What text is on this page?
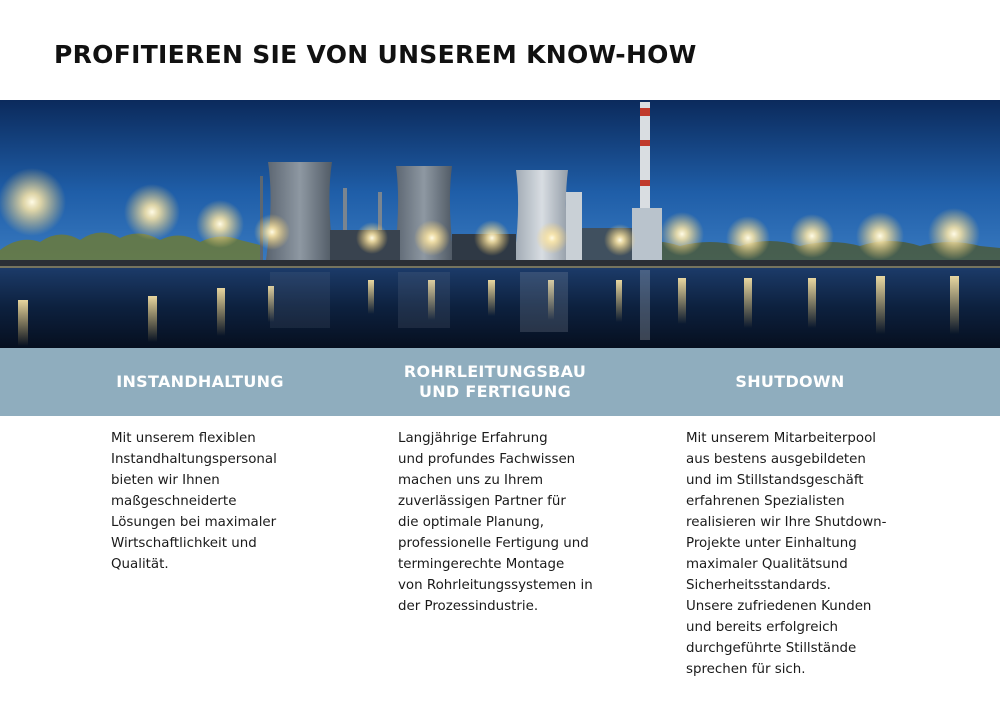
PROFITIEREN SIE VON UNSEREM KNOW-HOW
INSTANDHALTUNG
ROHRLEITUNGSBAU
UND FERTIGUNG
SHUTDOWN

Mit unserem flexiblen
Instandhaltungspersonal
bieten wir Ihnen
maßgeschneiderte
Lösungen bei maximaler
Wirtschaftlichkeit und
Qualität.

Langjährige Erfahrung
und profundes Fachwissen
machen uns zu Ihrem
zuverlässigen Partner für
die optimale Planung,
professionelle Fertigung und
termingerechte Montage
von Rohrleitungssystemen in
der Prozessindustrie.

Mit unserem Mitarbeiterpool
aus bestens ausgebildeten
und im Stillstandsgeschäft
erfahrenen Spezialisten
realisieren wir Ihre Shutdown-
Projekte unter Einhaltung
maximaler Qualitätsund
Sicherheitsstandards.
Unsere zufriedenen Kunden
und bereits erfolgreich
durchgeführte Stillstände
sprechen für sich.
